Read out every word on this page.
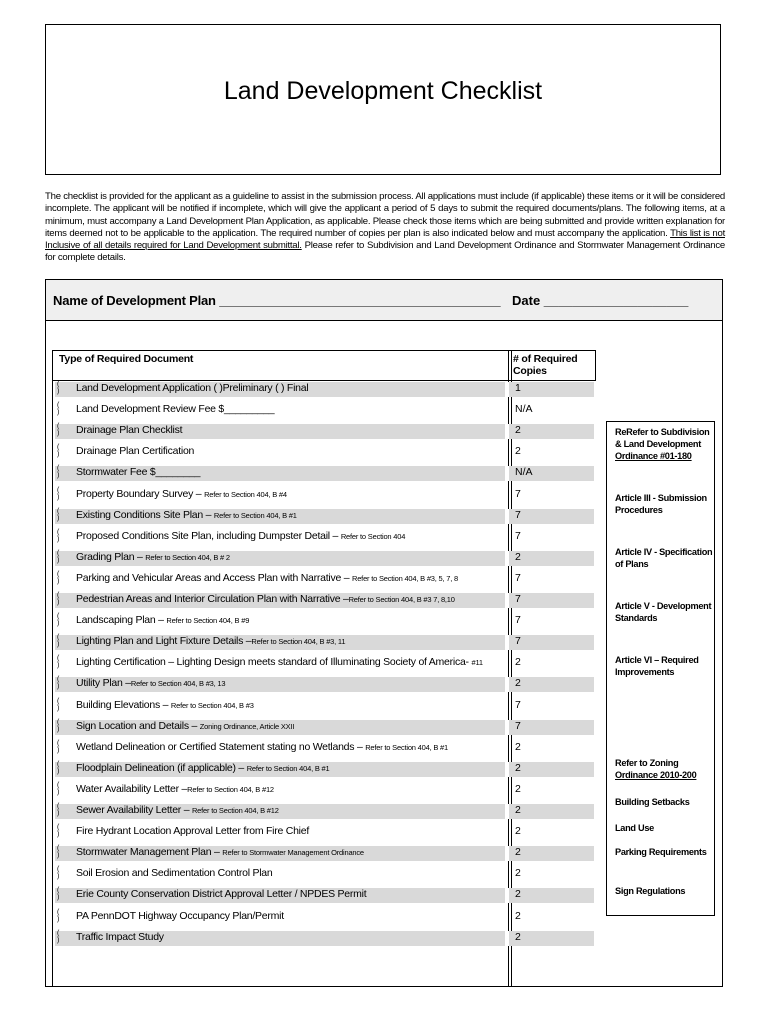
Land Development Checklist
The checklist is provided for the applicant as a guideline to assist in the submission process. All applications must include (if applicable) these items or it will be considered incomplete. The applicant will be notified if incomplete, which will give the applicant a period of 5 days to submit the required documents/plans. The following items, at a minimum, must accompany a Land Development Plan Application, as applicable. Please check those items which are being submitted and provide written explanation for items deemed not to be applicable to the application. The required number of copies per plan is also indicated below and must accompany the application. This list is not Inclusive of all details required for Land Development submittal. Please refer to Subdivision and Land Development Ordinance and Stormwater Management Ordinance for complete details.
Name of Development Plan ________________________________________ Date ____________________
Type of Required Document	# of Required Copies
( ) Land Development Application ( )Preliminary ( ) Final	1
( ) Land Development Review Fee $_________	N/A
( ) Drainage Plan Checklist	2
( ) Drainage Plan Certification	2
( ) Stormwater Fee $________	N/A
( ) Property Boundary Survey – Refer to Section 404, B #4	7
( ) Existing Conditions Site Plan – Refer to Section 404, B #1	7
( ) Proposed Conditions Site Plan, including Dumpster Detail – Refer to Section 404	7
( ) Grading Plan – Refer to Section 404, B # 2	2
( ) Parking and Vehicular Areas and Access Plan with Narrative – Refer to Section 404, B #3, 5, 7, 8	7
( ) Pedestrian Areas and Interior Circulation Plan with Narrative –Refer to Section 404, B #3 7, 8,10	7
( ) Landscaping Plan – Refer to Section 404, B #9	7
( ) Lighting Plan and Light Fixture Details –Refer to Section 404, B #3, 11	7
( ) Lighting Certification – Lighting Design meets standard of Illuminating Society of America- #11	2
( ) Utility Plan –Refer to Section 404, B #3, 13	2
( ) Building Elevations – Refer to Section 404, B #3	7
( ) Sign Location and Details – Zoning Ordinance, Article XXII	7
( ) Wetland Delineation or Certified Statement stating no Wetlands – Refer to Section 404, B #1	2
( ) Floodplain Delineation (if applicable) – Refer to Section 404, B #1	2
( ) Water Availability Letter –Refer to Section 404, B #12	2
( ) Sewer Availability Letter – Refer to Section 404, B #12	2
( ) Fire Hydrant Location Approval Letter from Fire Chief	2
( ) Stormwater Management Plan – Refer to Stormwater Management Ordinance	2
( ) Soil Erosion and Sedimentation Control Plan	2
( ) Erie County Conservation District Approval Letter / NPDES Permit	2
( ) PA PennDOT Highway Occupancy Plan/Permit	2
( ) Traffic Impact Study	2

ReRefer to Subdivision & Land Development Ordinance #01-180

Article III - Submission Procedures

Article IV - Specification of Plans

Article V - Development Standards

Article VI – Required Improvements

Refer to Zoning Ordinance 2010-200

Building Setbacks

Land Use

Parking Requirements

Sign Regulations
